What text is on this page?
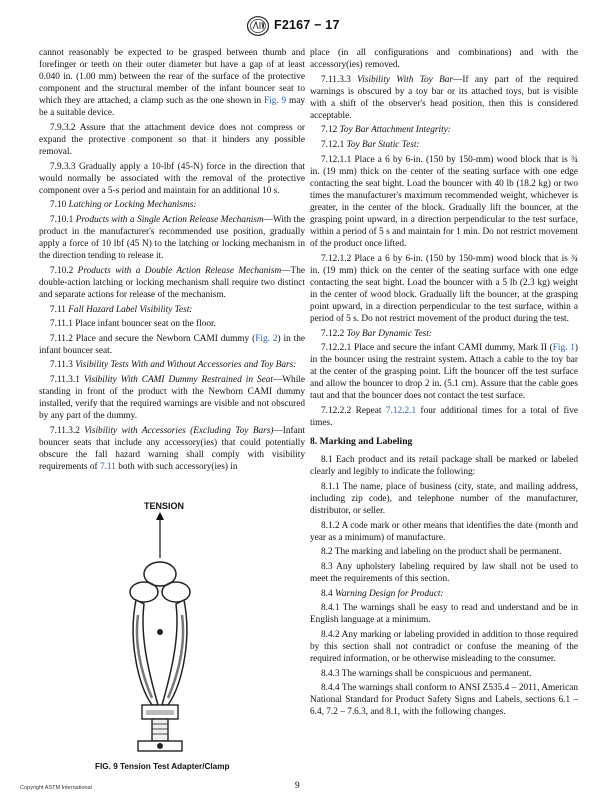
F2167 − 17

cannot reasonably be expected to be grasped between thumb and forefinger or teeth on their outer diameter but have a gap of at least 0.040 in. (1.00 mm) between the rear of the surface of the protective component and the structural member of the infant bouncer seat to which they are attached, a clamp such as the one shown in Fig. 9 may be a suitable device.

7.9.3.2 Assure that the attachment device does not compress or expand the protective component so that it hinders any possible removal.

7.9.3.3 Gradually apply a 10-lbf (45-N) force in the direction that would normally be associated with the removal of the protective component over a 5-s period and maintain for an additional 10 s.

7.10 Latching or Locking Mechanisms:

7.10.1 Products with a Single Action Release Mechanism—With the product in the manufacturer's recommended use position, gradually apply a force of 10 lbf (45 N) to the latching or locking mechanism in the direction tending to release it.

7.10.2 Products with a Double Action Release Mechanism—The double-action latching or locking mechanism shall require two distinct and separate actions for release of the mechanism.

7.11 Fall Hazard Label Visibility Test:

7.11.1 Place infant bouncer seat on the floor.

7.11.2 Place and secure the Newborn CAMI dummy (Fig. 2) in the infant bouncer seat.

7.11.3 Visibility Tests With and Without Accessories and Toy Bars:

7.11.3.1 Visibility With CAMI Dummy Restrained in Seat—While standing in front of the product with the Newborn CAMI dummy installed, verify that the required warnings are visible and not obscured by any part of the dummy.

7.11.3.2 Visibility with Accessories (Excluding Toy Bars)—Infant bouncer seats that include any accessory(ies) that could potentially obscure the fall hazard warning shall comply with visibility requirements of 7.11 both with such accessory(ies) in

place (in all configurations and combinations) and with the accessory(ies) removed.

7.11.3.3 Visibility With Toy Bar—If any part of the required warnings is obscured by a toy bar or its attached toys, but is visible with a shift of the observer's head position, then this is considered acceptable.

7.12 Toy Bar Attachment Integrity:

7.12.1 Toy Bar Static Test:

7.12.1.1 Place a 6 by 6-in. (150 by 150-mm) wood block that is ¾ in. (19 mm) thick on the center of the seating surface with one edge contacting the seat bight. Load the bouncer with 40 lb (18.2 kg) or two times the manufacturer's maximum recommended weight, whichever is greater, in the center of the block. Gradually lift the bouncer, at the grasping point upward, in a direction perpendicular to the test surface, within a period of 5 s and maintain for 1 min. Do not restrict movement of the product once lifted.

7.12.1.2 Place a 6 by 6-in. (150 by 150-mm) wood block that is ¾ in. (19 mm) thick on the center of the seating surface with one edge contacting the seat bight. Load the bouncer with a 5 lb (2.3 kg) weight in the center of wood block. Gradually lift the bouncer, at the grasping point upward, in a direction perpendicular to the test surface, within a period of 5 s. Do not restrict movement of the product during the test.

7.12.2 Toy Bar Dynamic Test:

7.12.2.1 Place and secure the infant CAMI dummy, Mark II (Fig. 1) in the bouncer using the restraint system. Attach a cable to the toy bar at the center of the grasping point. Lift the bouncer off the test surface and allow the bouncer to drop 2 in. (5.1 cm). Assure that the cable goes taut and that the bouncer does not contact the test surface.

7.12.2.2 Repeat 7.12.2.1 four additional times for a total of five times.

8. Marking and Labeling

8.1 Each product and its retail package shall be marked or labeled clearly and legibly to indicate the following:

8.1.1 The name, place of business (city, state, and mailing address, including zip code), and telephone number of the manufacturer, distributor, or seller.

8.1.2 A code mark or other means that identifies the date (month and year as a minimum) of manufacture.

8.2 The marking and labeling on the product shall be permanent.

8.3 Any upholstery labeling required by law shall not be used to meet the requirements of this section.

8.4 Warning Design for Product:

8.4.1 The warnings shall be easy to read and understand and be in English language at a minimum.

8.4.2 Any marking or labeling provided in addition to those required by this section shall not contradict or confuse the meaning of the required information, or be otherwise misleading to the consumer.

8.4.3 The warnings shall be conspicuous and permanent.

8.4.4 The warnings shall conform to ANSI Z535.4 – 2011, American National Standard for Product Safety Signs and Labels, sections 6.1 – 6.4, 7.2 – 7.6.3, and 8.1, with the following changes.

TENSION
FIG. 9 Tension Test Adapter/Clamp
Copyright ASTM International	9
